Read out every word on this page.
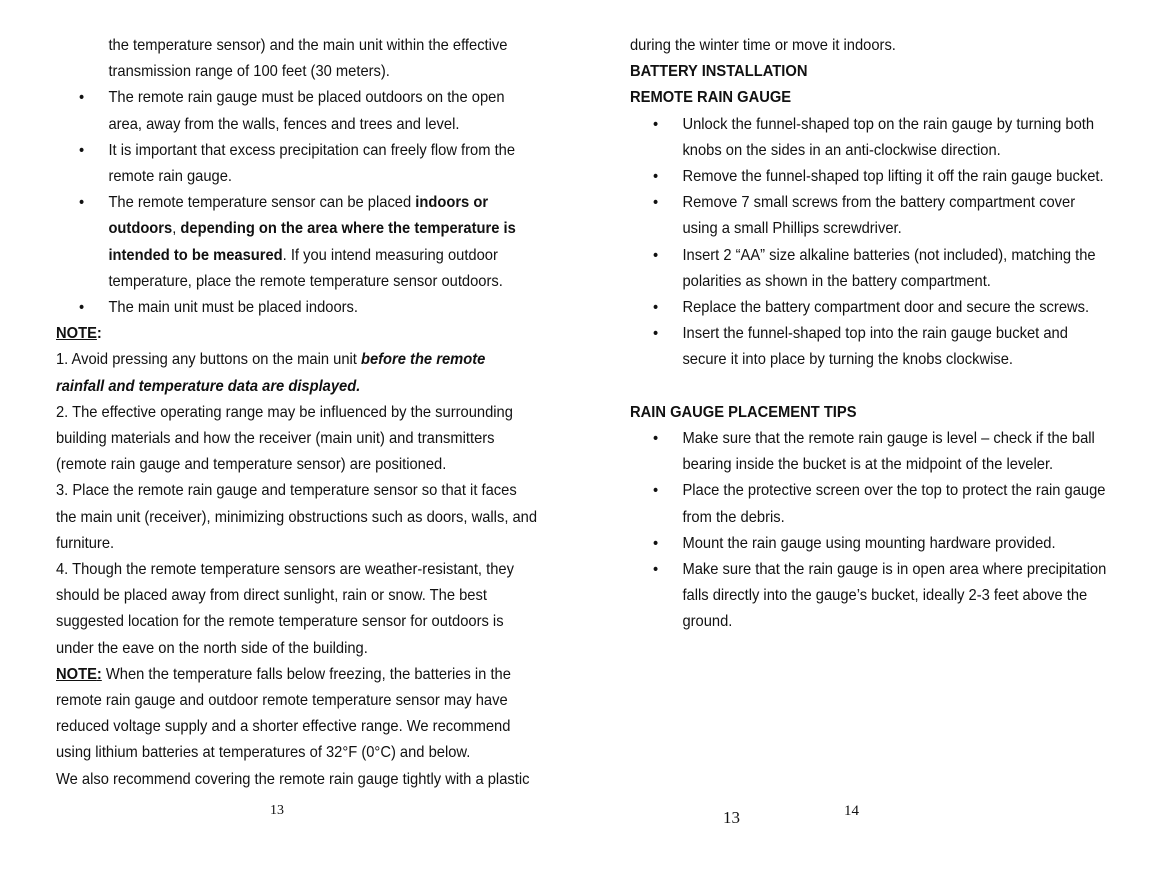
the temperature sensor) and the main unit within the effective
transmission range of 100 feet (30 meters).
• The remote rain gauge must be placed outdoors on the open
area, away from the walls, fences and trees and level.
• It is important that excess precipitation can freely flow from the
remote rain gauge.
• The remote temperature sensor can be placed indoors or
outdoors, depending on the area where the temperature is
intended to be measured. If you intend measuring outdoor
temperature, place the remote temperature sensor outdoors.
• The main unit must be placed indoors.
NOTE:
1. Avoid pressing any buttons on the main unit before the remote
rainfall and temperature data are displayed.
2. The effective operating range may be influenced by the surrounding
building materials and how the receiver (main unit) and transmitters
(remote rain gauge and temperature sensor) are positioned.
3. Place the remote rain gauge and temperature sensor so that it faces
the main unit (receiver), minimizing obstructions such as doors, walls, and
furniture.
4. Though the remote temperature sensors are weather-resistant, they
should be placed away from direct sunlight, rain or snow. The best
suggested location for the remote temperature sensor for outdoors is
under the eave on the north side of the building.
NOTE: When the temperature falls below freezing, the batteries in the
remote rain gauge and outdoor remote temperature sensor may have
reduced voltage supply and a shorter effective range. We recommend
using lithium batteries at temperatures of 32°F (0°C) and below.
We also recommend covering the remote rain gauge tightly with a plastic
13
during the winter time or move it indoors.
BATTERY INSTALLATION
REMOTE RAIN GAUGE
• Unlock the funnel-shaped top on the rain gauge by turning both
knobs on the sides in an anti-clockwise direction.
• Remove the funnel-shaped top lifting it off the rain gauge bucket.
• Remove 7 small screws from the battery compartment cover
using a small Phillips screwdriver.
• Insert 2 “AA” size alkaline batteries (not included), matching the
polarities as shown in the battery compartment.
• Replace the battery compartment door and secure the screws.
• Insert the funnel-shaped top into the rain gauge bucket and
secure it into place by turning the knobs clockwise.
RAIN GAUGE PLACEMENT TIPS
• Make sure that the remote rain gauge is level – check if the ball
bearing inside the bucket is at the midpoint of the leveler.
• Place the protective screen over the top to protect the rain gauge
from the debris.
• Mount the rain gauge using mounting hardware provided.
• Make sure that the rain gauge is in open area where precipitation
falls directly into the gauge’s bucket, ideally 2-3 feet above the
ground.
13	14
